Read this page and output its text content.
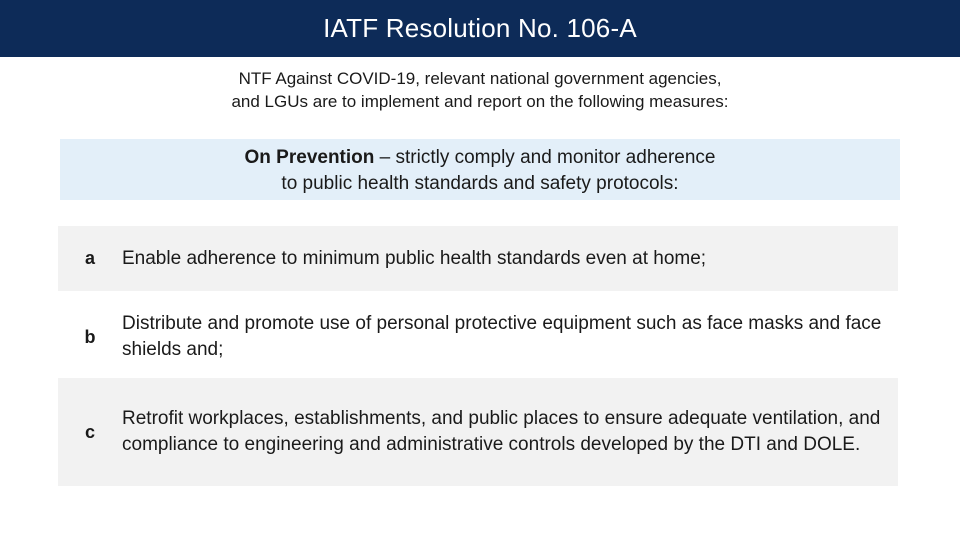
IATF Resolution No. 106-A
NTF Against COVID-19, relevant national government agencies,
and LGUs are to implement and report on the following measures:
On Prevention – strictly comply and monitor adherence
to public health standards and safety protocols:
a	Enable adherence to minimum public health standards even at home;
b
Distribute and promote use of personal protective equipment such as face masks and face shields and;
c
Retrofit workplaces, establishments, and public places to ensure adequate ventilation, and compliance to engineering and administrative controls developed by the DTI and DOLE.
